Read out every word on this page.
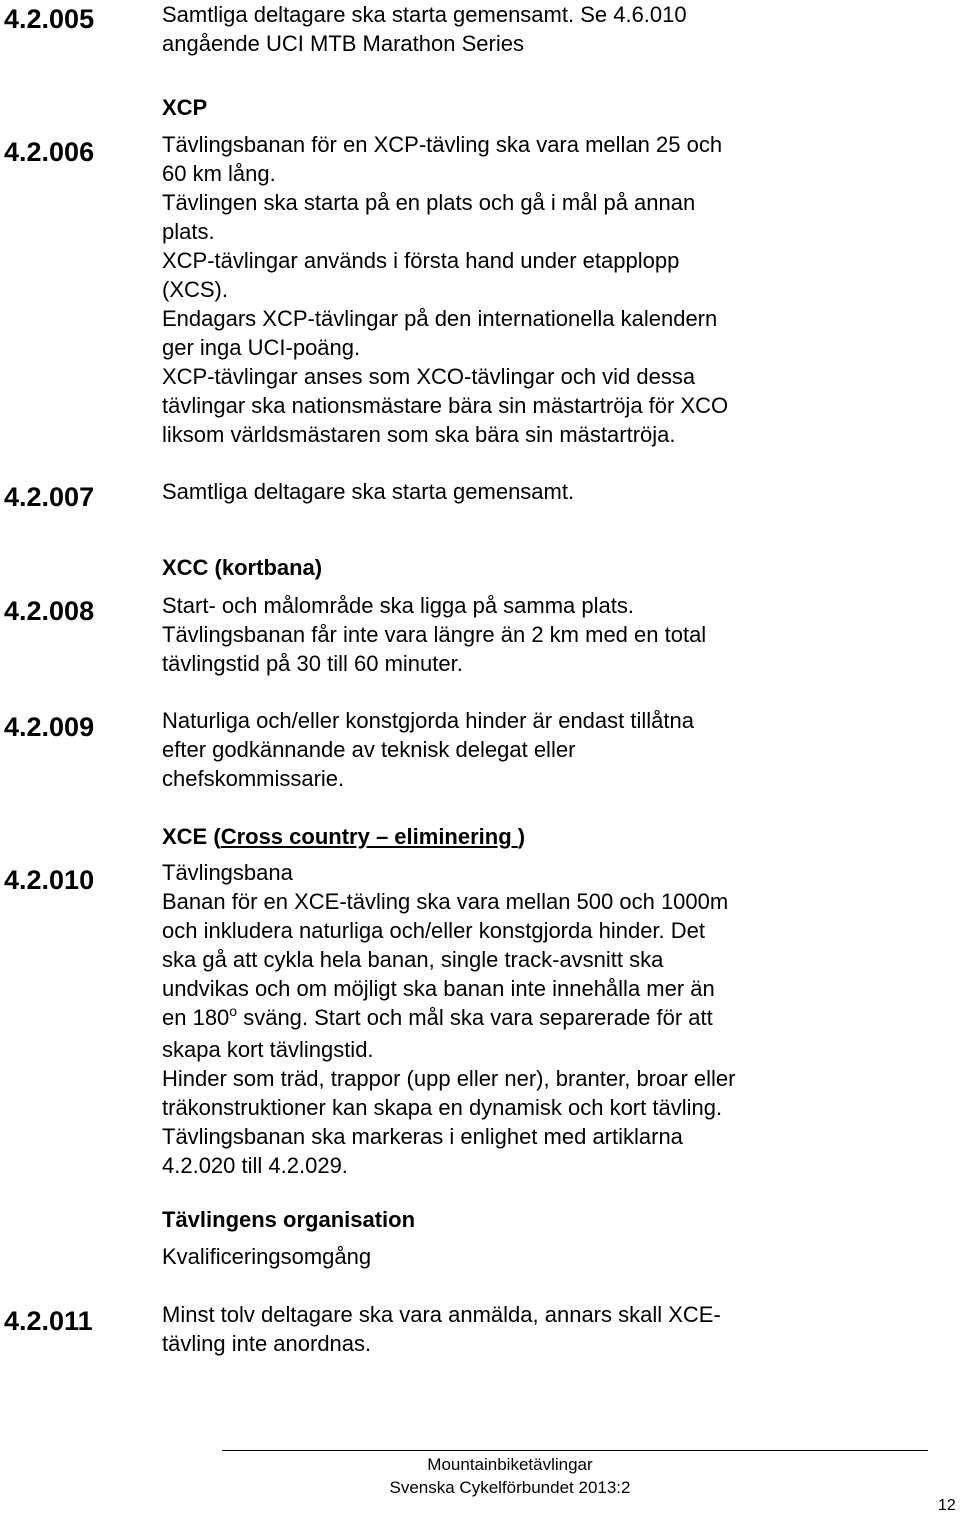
4.2.005	Samtliga deltagare ska starta gemensamt. Se 4.6.010
angående UCI MTB Marathon Series
XCP
4.2.006	Tävlingsbanan för en XCP-tävling ska vara mellan 25 och
60 km lång.
Tävlingen ska starta på en plats och gå i mål på annan
plats.
XCP-tävlingar används i första hand under etapplopp
(XCS).
Endagars XCP-tävlingar på den internationella kalendern
ger inga UCI-poäng.
XCP-tävlingar anses som XCO-tävlingar och vid dessa
tävlingar ska nationsmästare bära sin mästartröja för XCO
liksom världsmästaren som ska bära sin mästartröja.
4.2.007	Samtliga deltagare ska starta gemensamt.
XCC (kortbana)
4.2.008	Start- och målområde ska ligga på samma plats.
Tävlingsbanan får inte vara längre än 2 km med en total
tävlingstid på 30 till 60 minuter.
4.2.009	Naturliga och/eller konstgjorda hinder är endast tillåtna
efter godkännande av teknisk delegat eller
chefskommissarie.
XCE (Cross country – eliminering )
4.2.010	Tävlingsbana
Banan för en XCE-tävling ska vara mellan 500 och 1000m
och inkludera naturliga och/eller konstgjorda hinder. Det
ska gå att cykla hela banan, single track-avsnitt ska
undvikas och om möjligt ska banan inte innehålla mer än
en 180$^o$ sväng. Start och mål ska vara separerade för att
skapa kort tävlingstid.
Hinder som träd, trappor (upp eller ner), branter, broar eller
träkonstruktioner kan skapa en dynamisk och kort tävling.
Tävlingsbanan ska markeras i enlighet med artiklarna
4.2.020 till 4.2.029.
Tävlingens organisation
Kvalificeringsomgång
4.2.011	Minst tolv deltagare ska vara anmälda, annars skall XCE-
tävling inte anordnas.
Mountainbiketävlingar
Svenska Cykelförbundet 2013:2
12
